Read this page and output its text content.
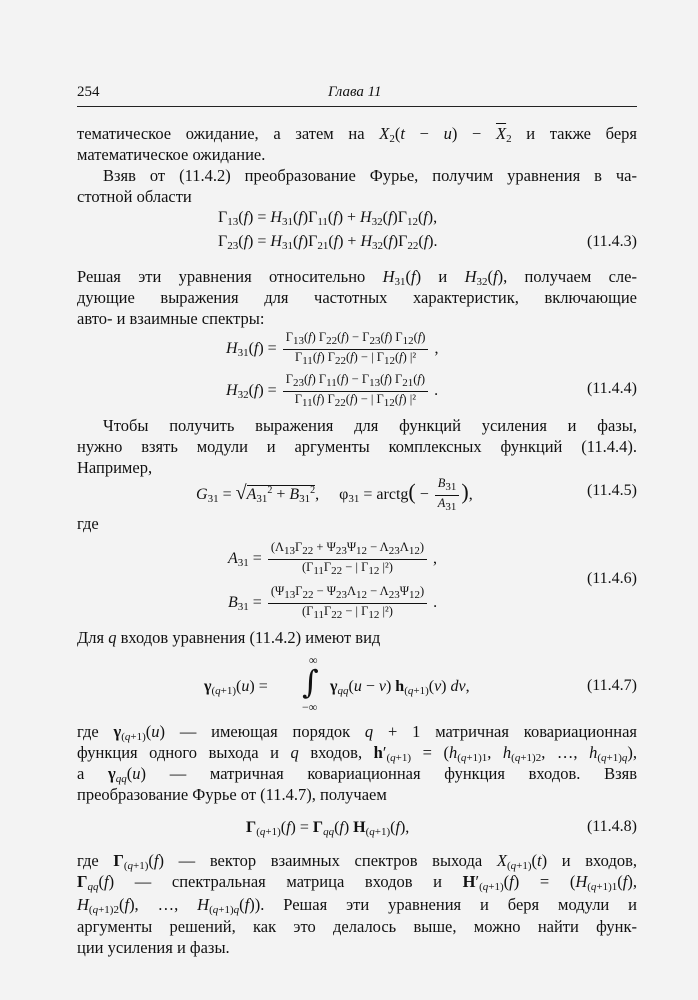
254	Глава 11
тематическое ожидание, а затем на $X_2(t - u) - \overline{X}_2$ и также беря
математическое ожидание.
Взяв от (11.4.2) преобразование Фурье, получим уравнения в ча-
стотной области
$\Gamma_{13}(f) = H_{31}(f)\Gamma_{11}(f) + H_{32}(f)\Gamma_{12}(f)$,
$\Gamma_{23}(f) = H_{31}(f)\Gamma_{21}(f) + H_{32}(f)\Gamma_{22}(f)$.	(11.4.3)
Решая эти уравнения относительно $H_{31}(f)$ и $H_{32}(f)$, получаем сле-
дующие выражения для частотных характеристик, включающие
авто- и взаимные спектры:
$H_{31}(f) = \frac{\Gamma 13(f) \Gamma 22(f) - \Gamma 23(f) \Gamma 12(f)}{\text{Γ11(f) Γ22(f) − | Γ12(f) |²}}$ ,
$H_{32}(f) = \frac{\Gamma 23(f) \Gamma 11(f) - \Gamma 13(f) \Gamma 21(f)}{\text{Γ11(f) Γ22(f) − | Γ12(f) |²}}$ .	(11.4.4)
Чтобы получить выражения для функций усиления и фазы,
нужно взять модули и аргументы комплексных функций (11.4.4).
Например,
$G_{31} = √A_{31}^2 + B_{31}^2$,     $\varphi_{31}$ = arctg( − $\frac{B31}{A31}$ ),	(11.4.5)
где
$A_{31} = \frac{(\Lambda 13\Gamma 22 + \Psi 23\Psi 12 - \Lambda 23\Lambda 12)}{\text{(Γ11Γ22 − | Γ12 |²)}}$ ,
$B_{31} = \frac{(\Psi 13\Gamma 22 - \Psi 23\Lambda 12 - \Lambda 23\Psi 12)}{\text{(Γ11Γ22 − | Γ12 |²)}}$ .
(11.4.6)
Для q входов уравнения (11.4.2) имеют вид
∞
∫
−∞
$\gamma_{(q+1)}(u)$ =	$\gamma_{qq}(u - v)$ $h_{(q+1)}(v)$ dv,	(11.4.7)
где $\gamma_{(q+1)}(u)$ — имеющая порядок q + 1 матричная ковариационная
функция одного выхода и q входов, $h'_{(q+1)} = (h_{(q+1)1}$, $h_{(q+1)2}$, …, $h_{(q+1)q}$),
а $\gamma_{qq}(u)$ — матричная ковариационная функция входов. Взяв
преобразование Фурье от (11.4.7), получаем
$\Gamma_{(q+1)}(f) = \Gamma_{qq}(f)$ $H_{(q+1)}(f)$,	(11.4.8)
где $\Gamma_{(q+1)}(f)$ — вектор взаимных спектров выхода $X_{(q+1)}(t)$ и входов,
$\Gamma_{qq}(f)$ — спектральная матрица входов и $H'_{(q+1)}(f) = (H_{(q+1)1}(f)$,
$H_{(q+1)2}(f)$, …, $H_{(q+1)q}(f)$). Решая эти уравнения и беря модули и
аргументы решений, как это делалось выше, можно найти функ-
ции усиления и фазы.
